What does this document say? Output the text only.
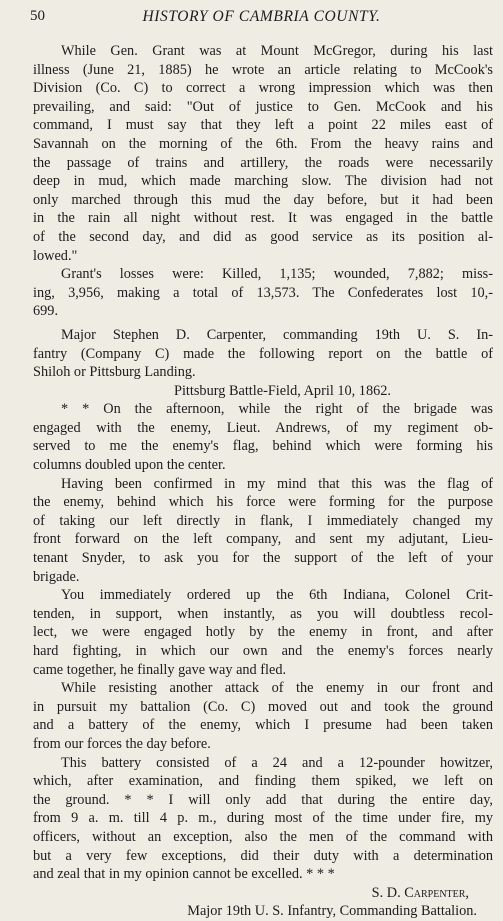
50	HISTORY OF CAMBRIA COUNTY.
While Gen. Grant was at Mount McGregor, during his last
illness (June 21, 1885) he wrote an article relating to McCook's
Division (Co. C) to correct a wrong impression which was then
prevailing, and said: "Out of justice to Gen. McCook and his
command, I must say that they left a point 22 miles east of
Savannah on the morning of the 6th. From the heavy rains and
the passage of trains and artillery, the roads were necessarily
deep in mud, which made marching slow. The division had not
only marched through this mud the day before, but it had been
in the rain all night without rest. It was engaged in the battle
of the second day, and did as good service as its position al-
lowed."
Grant's losses were: Killed, 1,135; wounded, 7,882; miss-
ing, 3,956, making a total of 13,573. The Confederates lost 10,-
699.
Major Stephen D. Carpenter, commanding 19th U. S. In-
fantry (Company C) made the following report on the battle of
Shiloh or Pittsburg Landing.
Pittsburg Battle-Field, April 10, 1862.
* * On the afternoon, while the right of the brigade was
engaged with the enemy, Lieut. Andrews, of my regiment ob-
served to me the enemy's flag, behind which were forming his
columns doubled upon the center.
Having been confirmed in my mind that this was the flag of
the enemy, behind which his force were forming for the purpose
of taking our left directly in flank, I immediately changed my
front forward on the left company, and sent my adjutant, Lieu-
tenant Snyder, to ask you for the support of the left of your
brigade.
You immediately ordered up the 6th Indiana, Colonel Crit-
tenden, in support, when instantly, as you will doubtless recol-
lect, we were engaged hotly by the enemy in front, and after
hard fighting, in which our own and the enemy's forces nearly
came together, he finally gave way and fled.
While resisting another attack of the enemy in our front and
in pursuit my battalion (Co. C) moved out and took the ground
and a battery of the enemy, which I presume had been taken
from our forces the day before.
This battery consisted of a 24 and a 12-pounder howitzer,
which, after examination, and finding them spiked, we left on
the ground. * * I will only add that during the entire day,
from 9 a. m. till 4 p. m., during most of the time under fire, my
officers, without an exception, also the men of the command with
but a very few exceptions, did their duty with a determination
and zeal that in my opinion cannot be excelled. * * *
S. D. Carpenter,
Major 19th U. S. Infantry, Commanding Battalion.
